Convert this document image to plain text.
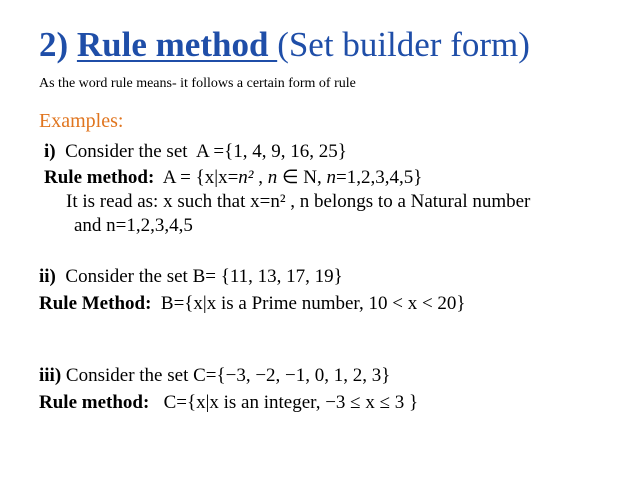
2) Rule method (Set builder form)
As the word rule means- it follows a certain form of rule
Examples:
i)  Consider the set  A ={1, 4, 9, 16, 25}
Rule method:  A = {x|x=n² , n ∈ N, n=1,2,3,4,5}
It is read as: x such that x=n² , n belongs to a Natural number
and n=1,2,3,4,5
ii)  Consider the set B= {11, 13, 17, 19}
Rule Method:  B={x|x is a Prime number, 10 < x < 20}
iii) Consider the set C={−3, −2, −1, 0, 1, 2, 3}
Rule method:   C={x|x is an integer, −3 ≤ x ≤ 3 }
